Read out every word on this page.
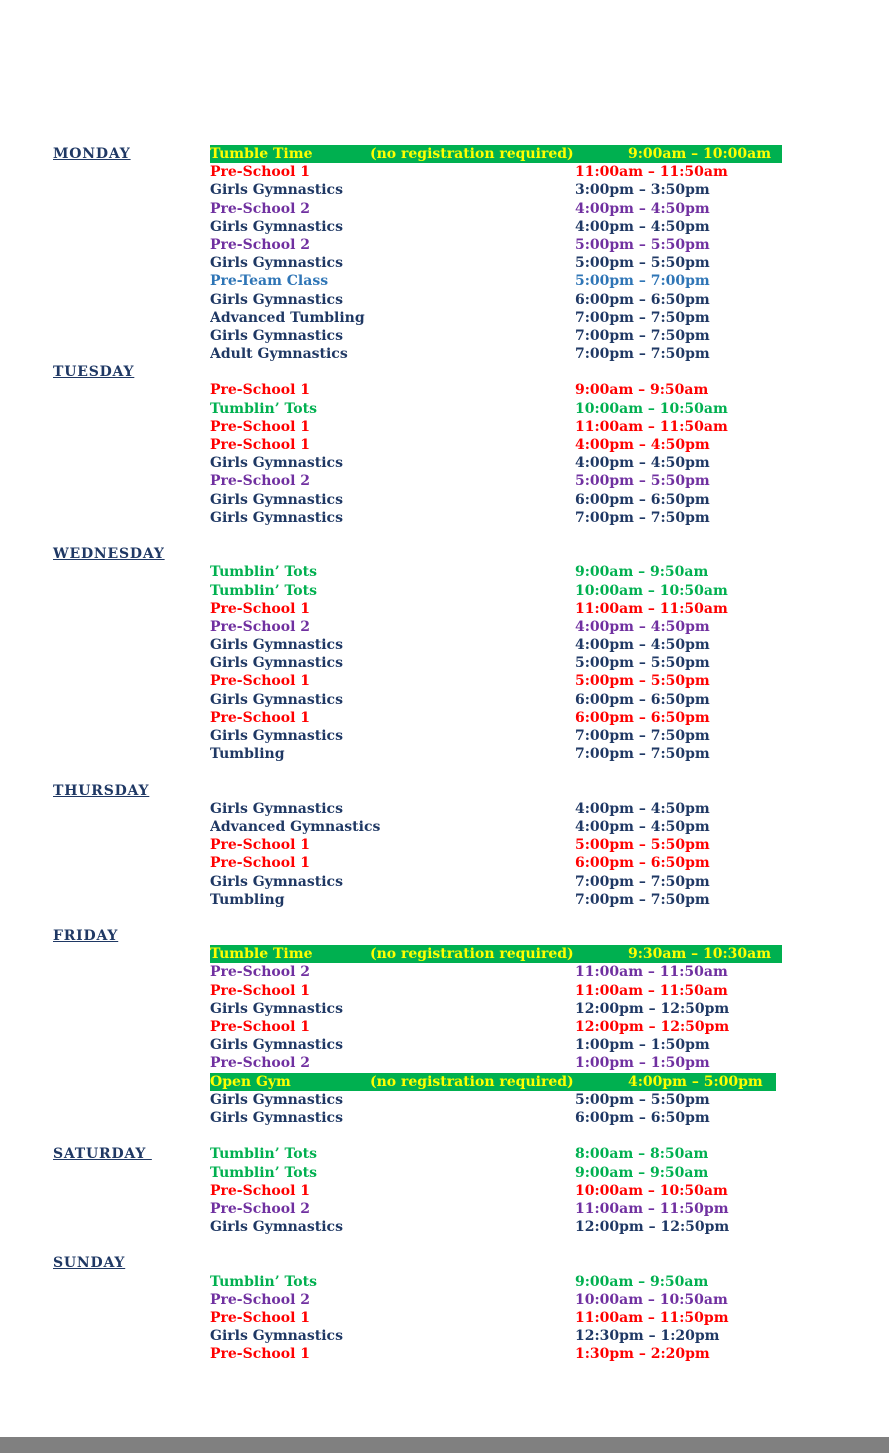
MONDAY	Tumble Time	(no registration required)	9:00am – 10:00am
Pre-School 1	11:00am – 11:50am
Girls Gymnastics	3:00pm – 3:50pm
Pre-School 2	4:00pm – 4:50pm
Girls Gymnastics	4:00pm – 4:50pm
Pre-School 2	5:00pm – 5:50pm
Girls Gymnastics	5:00pm – 5:50pm
Pre-Team Class	5:00pm – 7:00pm
Girls Gymnastics	6:00pm – 6:50pm
Advanced Tumbling	7:00pm – 7:50pm
Girls Gymnastics	7:00pm – 7:50pm
Adult Gymnastics	7:00pm – 7:50pm
TUESDAY
Pre-School 1	9:00am – 9:50am
Tumblin’ Tots	10:00am – 10:50am
Pre-School 1	11:00am – 11:50am
Pre-School 1	4:00pm – 4:50pm
Girls Gymnastics	4:00pm – 4:50pm
Pre-School 2	5:00pm – 5:50pm
Girls Gymnastics	6:00pm – 6:50pm
Girls Gymnastics	7:00pm – 7:50pm
WEDNESDAY
Tumblin’ Tots	9:00am – 9:50am
Tumblin’ Tots	10:00am – 10:50am
Pre-School 1	11:00am – 11:50am
Pre-School 2	4:00pm – 4:50pm
Girls Gymnastics	4:00pm – 4:50pm
Girls Gymnastics	5:00pm – 5:50pm
Pre-School 1	5:00pm – 5:50pm
Girls Gymnastics	6:00pm – 6:50pm
Pre-School 1	6:00pm – 6:50pm
Girls Gymnastics	7:00pm – 7:50pm
Tumbling	7:00pm – 7:50pm
THURSDAY
Girls Gymnastics	4:00pm – 4:50pm
Advanced Gymnastics	4:00pm – 4:50pm
Pre-School 1	5:00pm – 5:50pm
Pre-School 1	6:00pm – 6:50pm
Girls Gymnastics	7:00pm – 7:50pm
Tumbling	7:00pm – 7:50pm
FRIDAY
Tumble Time	(no registration required)	9:30am – 10:30am
Pre-School 2	11:00am – 11:50am
Pre-School 1	11:00am – 11:50am
Girls Gymnastics	12:00pm – 12:50pm
Pre-School 1	12:00pm – 12:50pm
Girls Gymnastics	1:00pm – 1:50pm
Pre-School 2	1:00pm – 1:50pm
Open Gym	(no registration required)	4:00pm – 5:00pm
Girls Gymnastics	5:00pm – 5:50pm
Girls Gymnastics	6:00pm – 6:50pm
SATURDAY	Tumblin’ Tots	8:00am – 8:50am
Tumblin’ Tots	9:00am – 9:50am
Pre-School 1	10:00am – 10:50am
Pre-School 2	11:00am – 11:50pm
Girls Gymnastics	12:00pm – 12:50pm
SUNDAY
Tumblin’ Tots	9:00am – 9:50am
Pre-School 2	10:00am – 10:50am
Pre-School 1	11:00am – 11:50pm
Girls Gymnastics	12:30pm – 1:20pm
Pre-School 1	1:30pm – 2:20pm
